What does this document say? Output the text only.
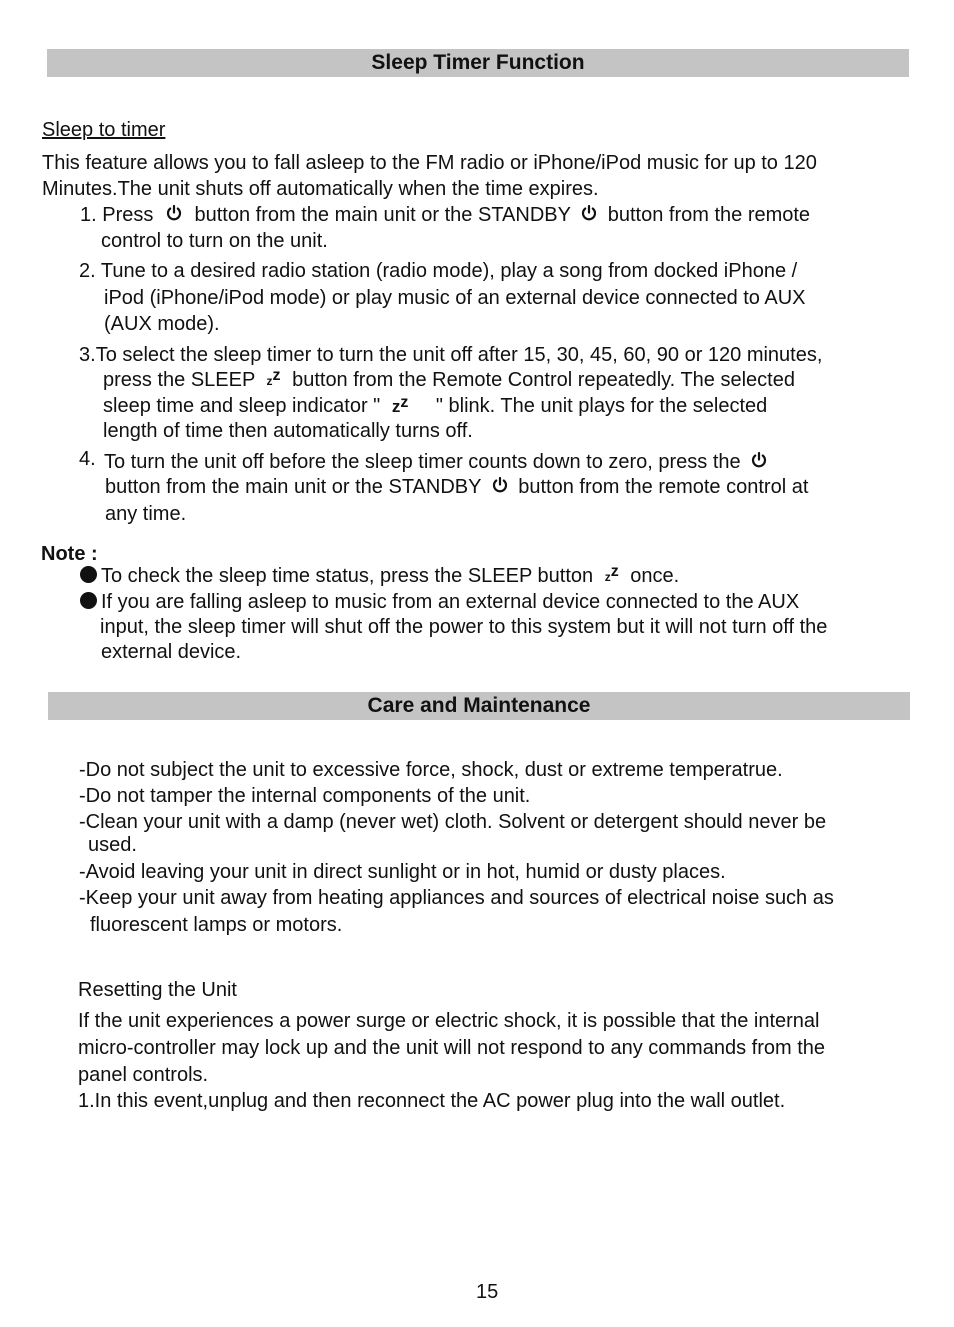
Sleep Timer Function
Sleep to timer
This feature allows you to fall asleep to the FM radio or iPhone/iPod music for up to 120
Minutes.The unit shuts off automatically when the time expires.
1. Press button from the main unit or the STANDBY button from the remote
control to turn on the unit.
2. Tune to a desired radio station (radio mode), play a song from docked iPhone /
iPod (iPhone/iPod mode) or play music of an external device connected to AUX
(AUX mode).
3.To select the sleep timer to turn the unit off after 15, 30, 45, 60, 90 or 120 minutes,
press the SLEEP zz button from the Remote Control repeatedly. The selected
sleep time and sleep indicator " zz " blink. The unit plays for the selected
length of time then automatically turns off.
4. To turn the unit off before the sleep timer counts down to zero, press the
button from the main unit or the STANDBY button from the remote control at
any time.
Note :
To check the sleep time status, press the SLEEP button zz once.
If you are falling asleep to music from an external device connected to the AUX
input, the sleep timer will shut off the power to this system but it will not turn off the
external device.
Care and Maintenance
-Do not subject the unit to excessive force, shock, dust or extreme temperatrue.
-Do not tamper the internal components of the unit.
-Clean your unit with a damp (never wet) cloth. Solvent or detergent should never be
used.
-Avoid leaving your unit in direct sunlight or in hot, humid or dusty places.
-Keep your unit away from heating appliances and sources of electrical noise such as
fluorescent lamps or motors.
Resetting the Unit
If the unit experiences a power surge or electric shock, it is possible that the internal
micro-controller may lock up and the unit will not respond to any commands from the
panel controls.
1.In this event,unplug and then reconnect the AC power plug into the wall outlet.
15
